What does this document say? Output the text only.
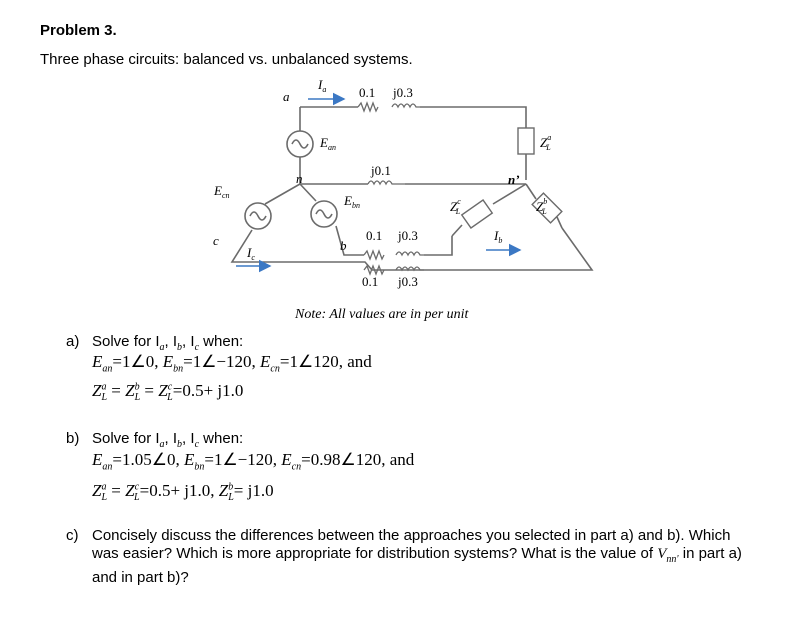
Problem 3.
Three phase circuits: balanced vs. unbalanced systems.
a
n
b
c
n’
$I_a$
$I_b$
$I_c$
$E_{an}$
$E_{bn}$
$E_{cn}$
0.1 j0.3
j0.1
0.1 j0.3
0.1 j0.3
$Z^a$ L
$Z^c$ L	$Z^b$ L
Note: All values are in per unit
a) Solve for $I_a$, $I_b$, $I_c$ when:
$E_{an}=1\angle 0$, $E_{bn}=1\angle-120$, $E_{cn}=1\angle 120$, and
$Z^a_L = Z^b_L = Z^c_L=0.5+ j1.0$
b) Solve for $I_a$, $I_b$, $I_c$ when:
$E_{an}=1.05\angle 0$, $E_{bn}=1\angle-120$, $E_{cn}=0.98\angle 120$, and
$Z^a_L = Z^c_L=0.5+ j1.0$, $Z^b_L= j1.0$
c) Concisely discuss the differences between the approaches you selected in part a) and b). Which was easier? Which is more appropriate for distribution systems? What is the value of $V_{nn'}$ in part a) and in part b)?
